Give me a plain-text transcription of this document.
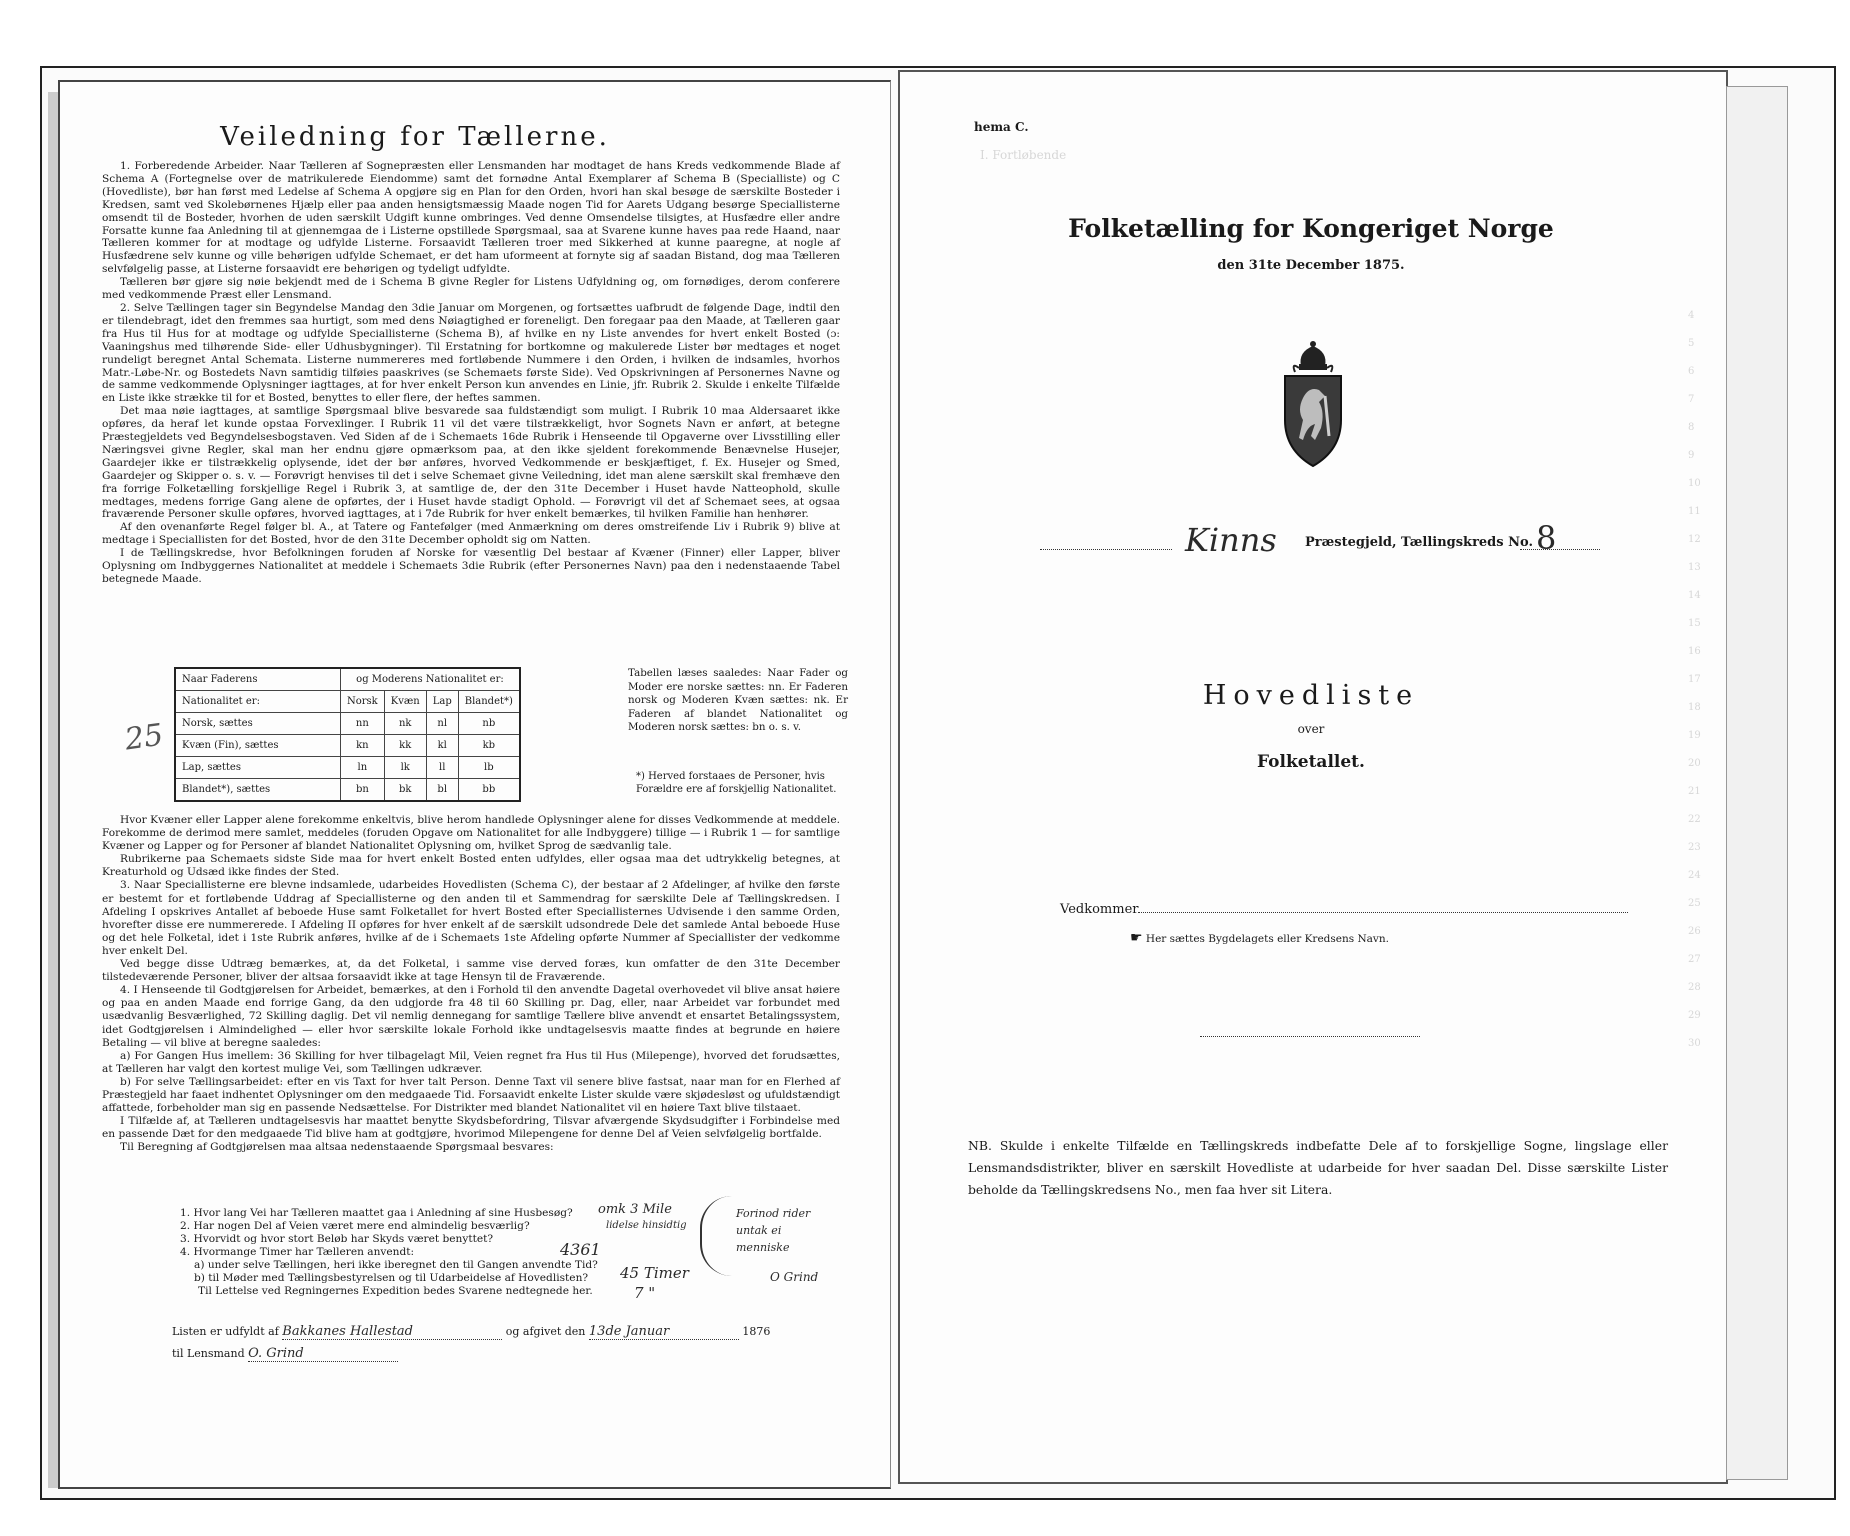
Veiledning for Tællerne.

1. Forberedende Arbeider. Naar Tælleren af Sognepræsten eller Lensmanden har modtaget de hans Kreds vedkommende Blade af Schema A (Fortegnelse over de matrikulerede Eiendomme) samt det fornødne Antal Exemplarer af Schema B (Specialliste) og C (Hovedliste), bør han først med Ledelse af Schema A opgjøre sig en Plan for den Orden, hvori han skal besøge de særskilte Bosteder i Kredsen, samt ved Skolebørnenes Hjælp eller paa anden hensigtsmæssig Maade nogen Tid for Aarets Udgang besørge Speciallisterne omsendt til de Bosteder, hvorhen de uden særskilt Udgift kunne ombringes. Ved denne Omsendelse tilsigtes, at Husfædre eller andre Forsatte kunne faa Anledning til at gjennemgaa de i Listerne opstillede Spørgsmaal, saa at Svarene kunne haves paa rede Haand, naar Tælleren kommer for at modtage og udfylde Listerne. Forsaavidt Tælleren troer med Sikkerhed at kunne paaregne, at nogle af Husfædrene selv kunne og ville behørigen udfylde Schemaet, er det ham uformeent at fornyte sig af saadan Bistand, dog maa Tælleren selvfølgelig passe, at Listerne forsaavidt ere behørigen og tydeligt udfyldte.

Tælleren bør gjøre sig nøie bekjendt med de i Schema B givne Regler for Listens Udfyldning og, om fornødiges, derom conferere med vedkommende Præst eller Lensmand.

2. Selve Tællingen tager sin Begyndelse Mandag den 3die Januar om Morgenen, og fortsættes uafbrudt de følgende Dage, indtil den er tilendebragt, idet den fremmes saa hurtigt, som med dens Nøiagtighed er foreneligt. Den foregaar paa den Maade, at Tælleren gaar fra Hus til Hus for at modtage og udfylde Speciallisterne (Schema B), af hvilke en ny Liste anvendes for hvert enkelt Bosted (ɔ: Vaaningshus med tilhørende Side- eller Udhusbygninger). Til Erstatning for bortkomne og makulerede Lister bør medtages et noget rundeligt beregnet Antal Schemata. Listerne nummereres med fortløbende Nummere i den Orden, i hvilken de indsamles, hvorhos Matr.-Løbe-Nr. og Bostedets Navn samtidig tilføies paaskrives (se Schemaets første Side). Ved Opskrivningen af Personernes Navne og de samme vedkommende Oplysninger iagttages, at for hver enkelt Person kun anvendes en Linie, jfr. Rubrik 2. Skulde i enkelte Tilfælde en Liste ikke strække til for et Bosted, benyttes to eller flere, der heftes sammen.

Det maa nøie iagttages, at samtlige Spørgsmaal blive besvarede saa fuldstændigt som muligt. I Rubrik 10 maa Aldersaaret ikke opføres, da heraf let kunde opstaa Forvexlinger. I Rubrik 11 vil det være tilstrækkeligt, hvor Sognets Navn er anført, at betegne Præstegjeldets ved Begyndelsesbogstaven. Ved Siden af de i Schemaets 16de Rubrik i Henseende til Opgaverne over Livsstilling eller Næringsvei givne Regler, skal man her endnu gjøre opmærksom paa, at den ikke sjeldent forekommende Benævnelse Husejer, Gaardejer ikke er tilstrækkelig oplysende, idet der bør anføres, hvorved Vedkommende er beskjæftiget, f. Ex. Husejer og Smed, Gaardejer og Skipper o. s. v. — Forøvrigt henvises til det i selve Schemaet givne Veiledning, idet man alene særskilt skal fremhæve den fra forrige Folketælling forskjellige Regel i Rubrik 3, at samtlige de, der den 31te December i Huset havde Natteophold, skulle medtages, medens forrige Gang alene de opførtes, der i Huset havde stadigt Ophold. — Forøvrigt vil det af Schemaet sees, at ogsaa fraværende Personer skulle opføres, hvorved iagttages, at i 7de Rubrik for hver enkelt bemærkes, til hvilken Familie han henhører.

Af den ovenanførte Regel følger bl. A., at Tatere og Fantefølger (med Anmærkning om deres omstreifende Liv i Rubrik 9) blive at medtage i Speciallisten for det Bosted, hvor de den 31te December opholdt sig om Natten.

I de Tællingskredse, hvor Befolkningen foruden af Norske for væsentlig Del bestaar af Kvæner (Finner) eller Lapper, bliver Oplysning om Indbyggernes Nationalitet at meddele i Schemaets 3die Rubrik (efter Personernes Navn) paa den i nedenstaaende Tabel betegnede Maade.

Naar Faderens	og Moderens Nationalitet er:			
Nationalitet er:	Norsk	Kvæn	Lap	Blandet*)
Norsk, sættes	nn	nk	nl	nb
Kvæn (Fin), sættes	kn	kk	kl	kb
Lap, sættes	ln	lk	ll	lb
Blandet*), sættes	bn	bk	bl	bb
Tabellen læses saaledes: Naar Fader og Moder ere norske sættes: nn. Er Faderen norsk og Moderen Kvæn sættes: nk. Er Faderen af blandet Nationalitet og Moderen norsk sættes: bn o. s. v.
*) Herved forstaaes de Personer, hvis Forældre ere af forskjellig Nationalitet.
25

Hvor Kvæner eller Lapper alene forekomme enkeltvis, blive herom handlede Oplysninger alene for disses Vedkommende at meddele. Forekomme de derimod mere samlet, meddeles (foruden Opgave om Nationalitet for alle Indbyggere) tillige — i Rubrik 1 — for samtlige Kvæner og Lapper og for Personer af blandet Nationalitet Oplysning om, hvilket Sprog de sædvanlig tale.

Rubrikerne paa Schemaets sidste Side maa for hvert enkelt Bosted enten udfyldes, eller ogsaa maa det udtrykkelig betegnes, at Kreaturhold og Udsæd ikke findes der Sted.

3. Naar Speciallisterne ere blevne indsamlede, udarbeides Hovedlisten (Schema C), der bestaar af 2 Afdelinger, af hvilke den første er bestemt for et fortløbende Uddrag af Speciallisterne og den anden til et Sammendrag for særskilte Dele af Tællingskredsen. I Afdeling I opskrives Antallet af beboede Huse samt Folketallet for hvert Bosted efter Speciallisternes Udvisende i den samme Orden, hvorefter disse ere nummererede. I Afdeling II opføres for hver enkelt af de særskilt udsondrede Dele det samlede Antal beboede Huse og det hele Folketal, idet i 1ste Rubrik anføres, hvilke af de i Schemaets 1ste Afdeling opførte Nummer af Speciallister der vedkomme hver enkelt Del.

Ved begge disse Udtræg bemærkes, at, da det Folketal, i samme vise derved foræs, kun omfatter de den 31te December tilstedeværende Personer, bliver der altsaa forsaavidt ikke at tage Hensyn til de Fraværende.

4. I Henseende til Godtgjørelsen for Arbeidet, bemærkes, at den i Forhold til den anvendte Dagetal overhovedet vil blive ansat høiere og paa en anden Maade end forrige Gang, da den udgjorde fra 48 til 60 Skilling pr. Dag, eller, naar Arbeidet var forbundet med usædvanlig Besværlighed, 72 Skilling daglig. Det vil nemlig dennegang for samtlige Tællere blive anvendt et ensartet Betalingssystem, idet Godtgjørelsen i Almindelighed — eller hvor særskilte lokale Forhold ikke undtagelsesvis maatte findes at begrunde en høiere Betaling — vil blive at beregne saaledes:

a) For Gangen Hus imellem: 36 Skilling for hver tilbagelagt Mil, Veien regnet fra Hus til Hus (Milepenge), hvorved det forudsættes, at Tælleren har valgt den kortest mulige Vei, som Tællingen udkræver.

b) For selve Tællingsarbeidet: efter en vis Taxt for hver talt Person. Denne Taxt vil senere blive fastsat, naar man for en Flerhed af Præstegjeld har faaet indhentet Oplysninger om den medgaaede Tid. Forsaavidt enkelte Lister skulde være skjødesløst og ufuldstændigt affattede, forbeholder man sig en passende Nedsættelse. For Distrikter med blandet Nationalitet vil en høiere Taxt blive tilstaaet.

I Tilfælde af, at Tælleren undtagelsesvis har maattet benytte Skydsbefordring, Tilsvar afværgende Skydsudgifter i Forbindelse med en passende Dæt for den medgaaede Tid blive ham at godtgjøre, hvorimod Milepengene for denne Del af Veien selvfølgelig bortfalde.

Til Beregning af Godtgjørelsen maa altsaa nedenstaaende Spørgsmaal besvares:

1. Hvor lang Vei har Tælleren maattet gaa i Anledning af sine Husbesøg?
2. Har nogen Del af Veien været mere end almindelig besværlig?
3. Hvorvidt og hvor stort Beløb har Skyds været benyttet?
4. Hvormange Timer har Tælleren anvendt:
a) under selve Tællingen, heri ikke iberegnet den til Gangen anvendte Tid?
b) til Møder med Tællingsbestyrelsen og til Udarbeidelse af Hovedlisten?
Til Lettelse ved Regningernes Expedition bedes Svarene nedtegnede her.
omk 3 Mile
lidelse hinsidtig
4361
45 Timer
7 "
Forinod rider untak ei menniske
O Grind
Listen er udfyldt af Bakkanes Hallestad	og afgivet den 13de Januar	1876
til Lensmand O. Grind
I. Fortløbende
4
5
6
7
8
9
10
11
12
13
14
15
16
17
18
19
20
21
22
23
24
25
26
27
28
29
30
hema C.
Folketælling for Kongeriget Norge
den 31te December 1875.
Kinns Præstegjeld, Tællingskreds No. 8
Hovedliste
over
Folketallet.
Vedkommer
☛ Her sættes Bygdelagets eller Kredsens Navn.
NB. Skulde i enkelte Tilfælde en Tællingskreds indbefatte Dele af to forskjellige Sogne, lingslage eller Lensmandsdistrikter, bliver en særskilt Hovedliste at udarbeide for hver saadan Del. Disse særskilte Lister beholde da Tællingskredsens No., men faa hver sit Litera.
